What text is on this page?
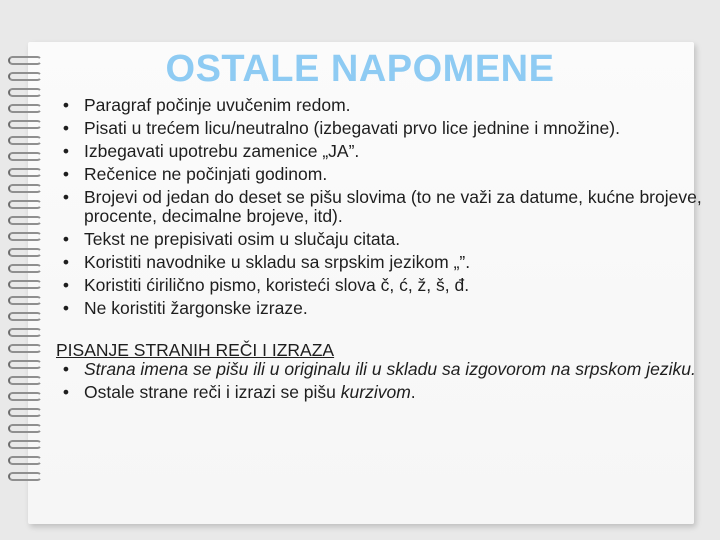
OSTALE NAPOMENE
• Paragraf počinje uvučenim redom.
• Pisati u trećem licu/neutralno (izbegavati prvo lice jednine i množine).
• Izbegavati upotrebu zamenice „JA”.
• Rečenice ne počinjati godinom.
• Brojevi od jedan do deset se pišu slovima (to ne važi za datume, kućne brojeve, procente, decimalne brojeve, itd).
• Tekst ne prepisivati osim u slučaju citata.
• Koristiti navodnike u skladu sa srpskim jezikom „”.
• Koristiti ćirilično pismo, koristeći slova č, ć, ž, š, đ.
• Ne koristiti žargonske izraze.
PISANJE STRANIH REČI I IZRAZA
• Strana imena se pišu ili u originalu ili u skladu sa izgovorom na srpskom jeziku.
• Ostale strane reči i izrazi se pišu kurzivom.
